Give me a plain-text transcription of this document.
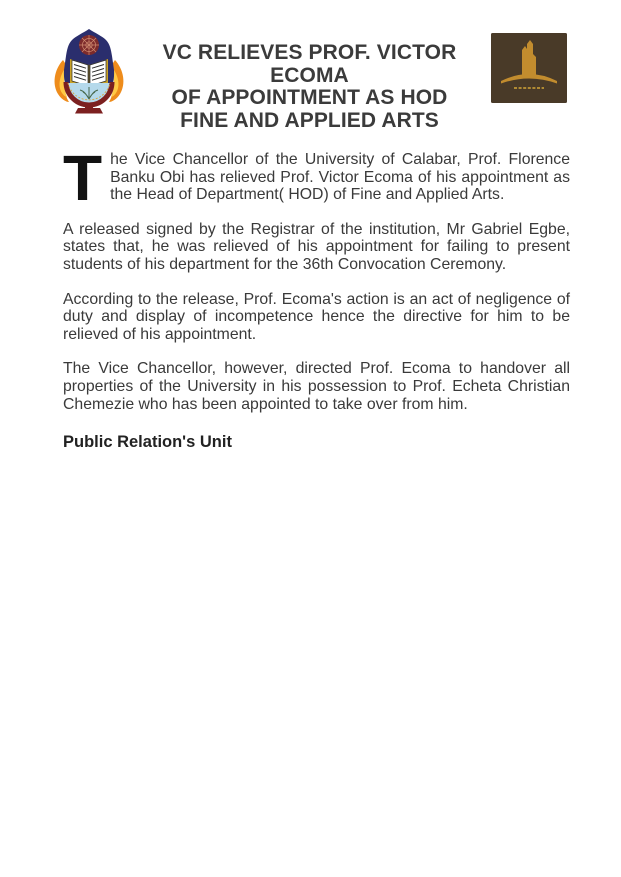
VC RELIEVES PROF. VICTOR ECOMA
OF APPOINTMENT AS HOD
FINE AND APPLIED ARTS

The Vice Chancellor of the University of Calabar, Prof. Florence Banku Obi has relieved Prof. Victor Ecoma of his appointment as the Head of Department( HOD) of Fine and Applied Arts.

A released signed by the Registrar of the institution, Mr Gabriel Egbe, states that, he was relieved of his appointment for failing to present students of his department for the 36th Convocation Ceremony.

According to the release, Prof. Ecoma's action is an act of negligence of duty and display of incompetence hence the directive for him to be relieved of his appointment.

The Vice Chancellor, however, directed Prof. Ecoma to handover all properties of the University in his possession to Prof. Echeta Christian Chemezie who has been appointed to take over from him.

Public Relation's Unit
